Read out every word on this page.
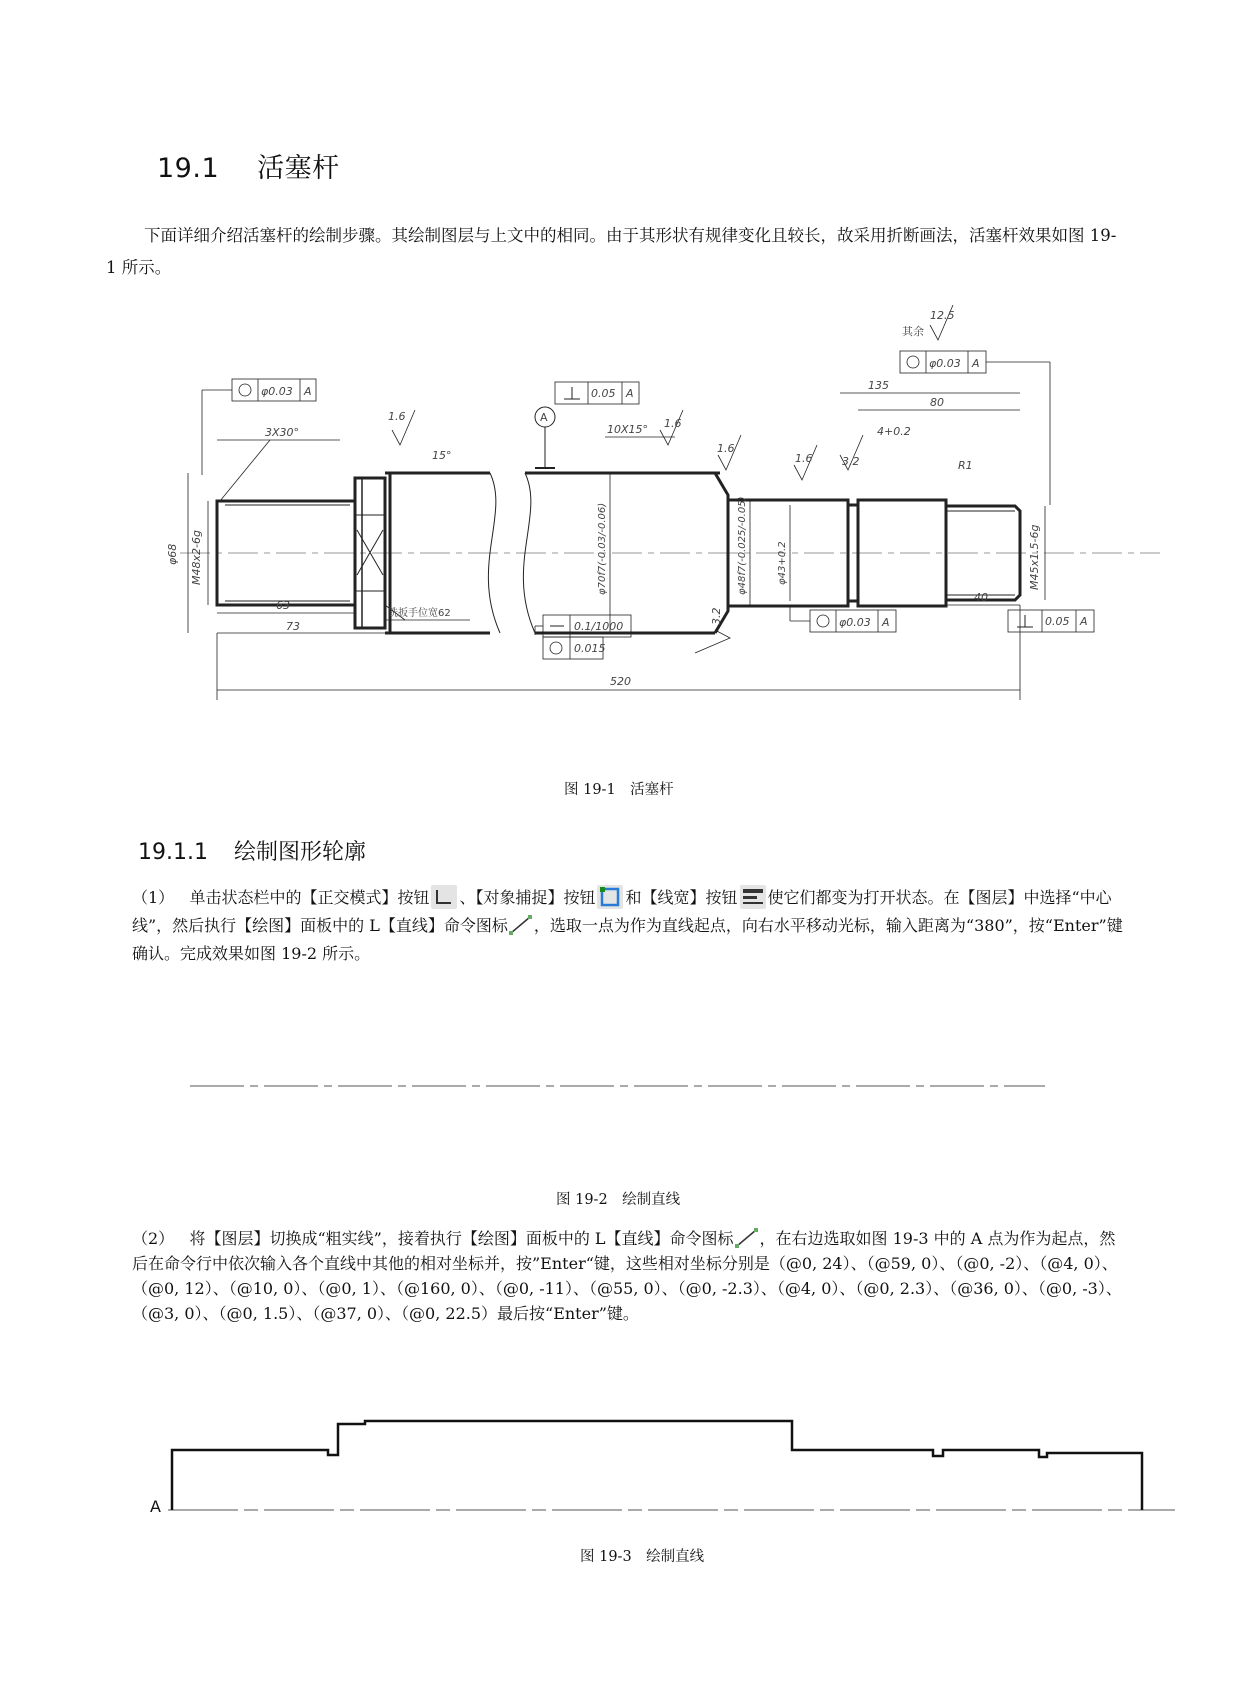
19.1 活塞杆
下面详细介绍活塞杆的绘制步骤。其绘制图层与上文中的相同。由于其形状有规律变化且较长，故采用折断画法，活塞杆效果如图 19-1 所示。
520
63
73
135
80
40
4+0.2
R1
φ68 M48x2-6g	φ70f7(-0.03/-0.06)	φ48f7(-0.025/-0.05)	φ43+0.2	M45x1.5-6g
3X30°
15°
10X15°
1.6
1.6
1.6
1.6	3.2
3.2
其余
12.5
A
φ0.03 A	0.05 A
φ0.03 A
φ0.03 A	0.05 A
0.1/1000
0.015
铣扳手位宽62
图 19-1　活塞杆
19.1.1 绘制图形轮廓
（1） 单击状态栏中的【正交模式】按钮 、【对象捕捉】按钮 和【线宽】按钮 使它们都变为打开状态。在【图层】中选择“中心线”，然后执行【绘图】面板中的 L【直线】命令图标 ，选取一点为作为直线起点，向右水平移动光标，输入距离为“380”，按“Enter”键确认。完成效果如图 19-2 所示。
图 19-2　绘制直线
（2） 将【图层】切换成“粗实线”，接着执行【绘图】面板中的 L【直线】命令图标 ，在右边选取如图 19-3 中的 A 点为作为起点，然后在命令行中依次输入各个直线中其他的相对坐标并，按”Enter“键，这些相对坐标分别是（@0, 24）、（@59, 0）、（@0, -2）、（@4, 0）、（@0, 12）、（@10, 0）、（@0, 1）、（@160, 0）、（@0, -11）、（@55, 0）、（@0, -2.3）、（@4, 0）、（@0, 2.3）、（@36, 0）、（@0, -3）、（@3, 0）、（@0, 1.5）、（@37, 0）、（@0, 22.5）最后按“Enter”键。
A
图 19-3　绘制直线
